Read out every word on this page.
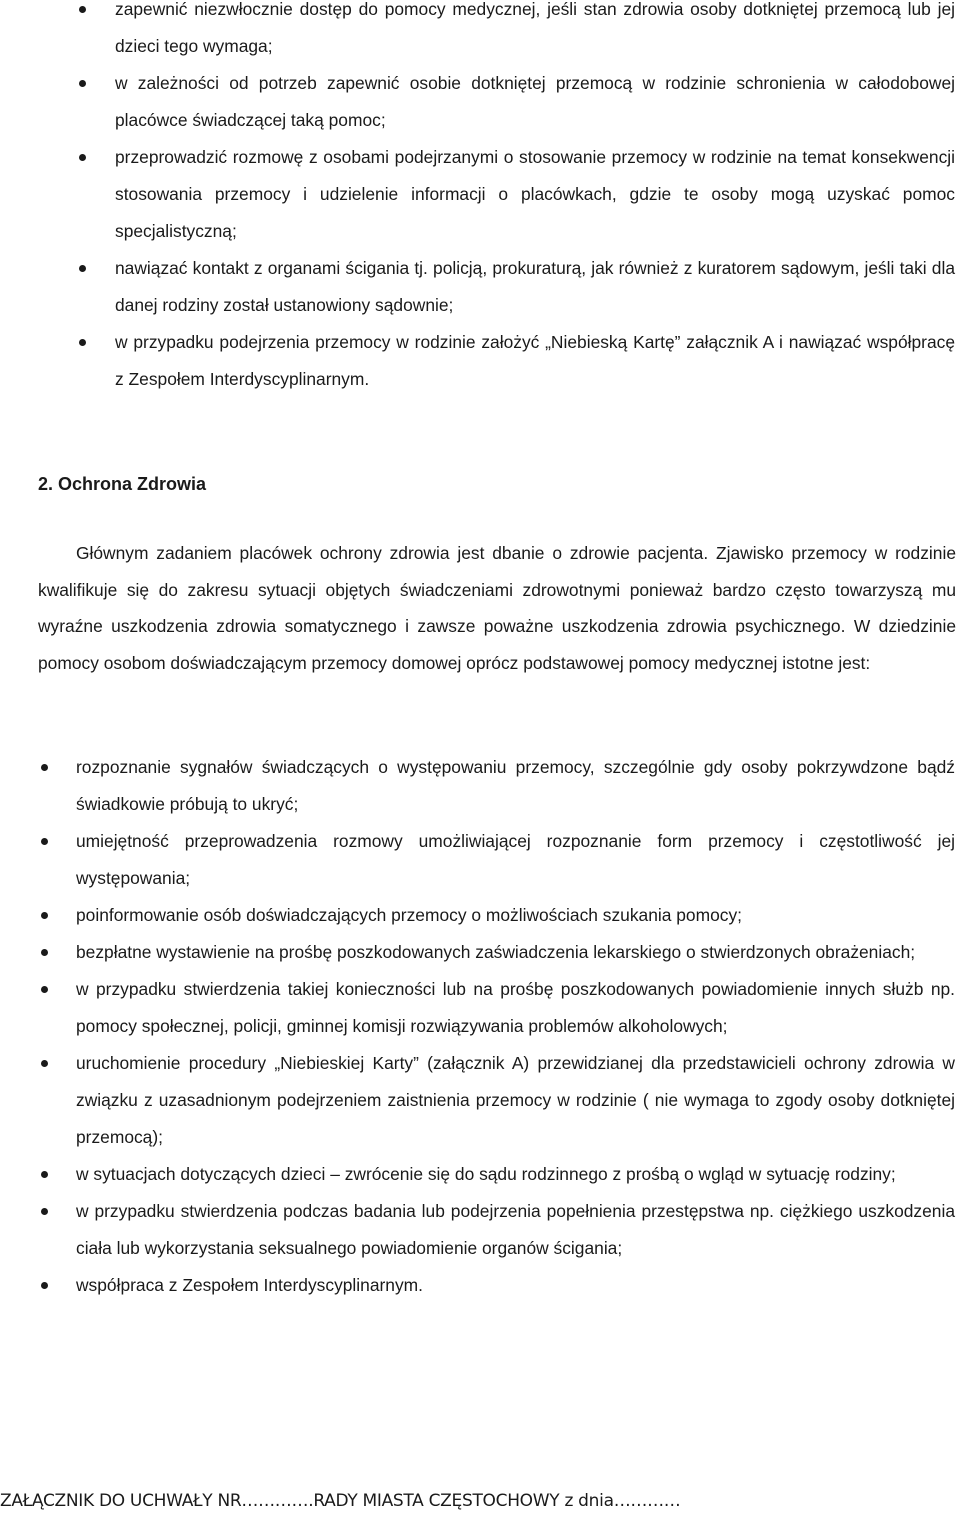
zapewnić niezwłocznie dostęp do pomocy medycznej, jeśli stan zdrowia osoby dotkniętej przemocą lub jej dzieci tego wymaga;

w zależności od potrzeb zapewnić osobie dotkniętej przemocą w rodzinie schronienia w całodobowej placówce świadczącej taką pomoc;

przeprowadzić rozmowę z osobami podejrzanymi o stosowanie przemocy w rodzinie na temat konsekwencji stosowania przemocy i udzielenie informacji o placówkach, gdzie te osoby mogą uzyskać pomoc specjalistyczną;

nawiązać kontakt z organami ścigania tj. policją, prokuraturą, jak również z kuratorem sądowym, jeśli taki dla danej rodziny został ustanowiony sądownie;

w przypadku podejrzenia przemocy w rodzinie założyć „Niebieską Kartę” załącznik A i nawiązać współpracę z Zespołem Interdyscyplinarnym.

2. Ochrona Zdrowia

Głównym zadaniem placówek ochrony zdrowia jest dbanie o zdrowie pacjenta. Zjawisko przemocy w rodzinie kwalifikuje się do zakresu sytuacji objętych świadczeniami zdrowotnymi ponieważ bardzo często towarzyszą mu wyraźne uszkodzenia zdrowia somatycznego i zawsze poważne uszkodzenia zdrowia psychicznego. W dziedzinie pomocy osobom doświadczającym przemocy domowej oprócz podstawowej pomocy medycznej istotne jest:

rozpoznanie sygnałów świadczących o występowaniu przemocy, szczególnie gdy osoby pokrzywdzone bądź świadkowie próbują to ukryć;

umiejętność przeprowadzenia rozmowy umożliwiającej rozpoznanie form przemocy i częstotliwość jej występowania;

poinformowanie osób doświadczających przemocy o możliwościach szukania pomocy;

bezpłatne wystawienie na prośbę poszkodowanych zaświadczenia lekarskiego o stwierdzonych obrażeniach;

w przypadku stwierdzenia takiej konieczności lub na prośbę poszkodowanych powiadomienie innych służb np. pomocy społecznej, policji, gminnej komisji rozwiązywania problemów alkoholowych;

uruchomienie procedury „Niebieskiej Karty” (załącznik A) przewidzianej dla przedstawicieli ochrony zdrowia w związku z uzasadnionym podejrzeniem zaistnienia przemocy w rodzinie ( nie wymaga to zgody osoby dotkniętej przemocą);

w sytuacjach dotyczących dzieci – zwrócenie się do sądu rodzinnego z prośbą o wgląd w sytuację rodziny;

w przypadku stwierdzenia podczas badania lub podejrzenia popełnienia przestępstwa np. ciężkiego uszkodzenia ciała lub wykorzystania seksualnego powiadomienie organów ścigania;

współpraca z Zespołem Interdyscyplinarnym.

ZAŁĄCZNIK DO UCHWAŁY NR………….RADY MIASTA CZĘSTOCHOWY z dnia…………
